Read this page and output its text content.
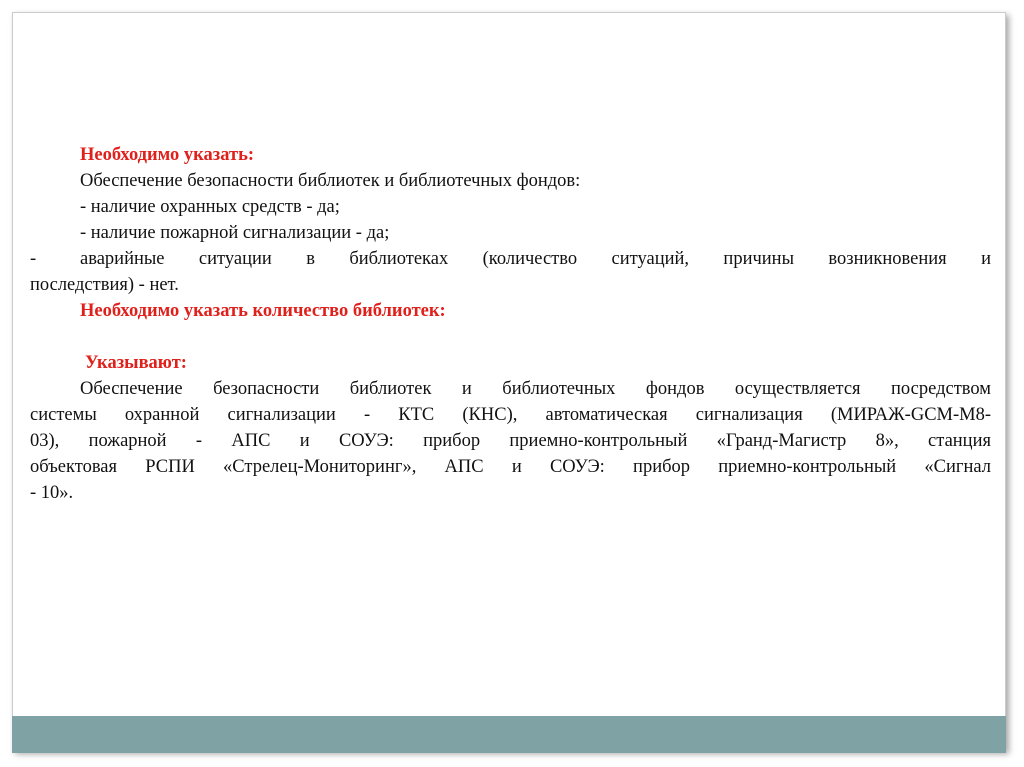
Необходимо указать:
Обеспечение безопасности библиотек и библиотечных фондов:
- наличие охранных средств - да;
- наличие пожарной сигнализации - да;
-	аварийные ситуации в библиотеках (количество ситуаций, причины возникновения и
последствия) - нет.
Необходимо указать количество библиотек:
Указывают:
Обеспечение безопасности библиотек и библиотечных фондов осуществляется посредством
системы охранной сигнализации - КТС (КНС), автоматическая сигнализация (МИРАЖ-GCM-М8-
03), пожарной - АПС и СОУЭ: прибор приемно-контрольный «Гранд-Магистр 8», станция
объектовая РСПИ «Стрелец-Мониторинг», АПС и СОУЭ: прибор приемно-контрольный «Сигнал
- 10».
